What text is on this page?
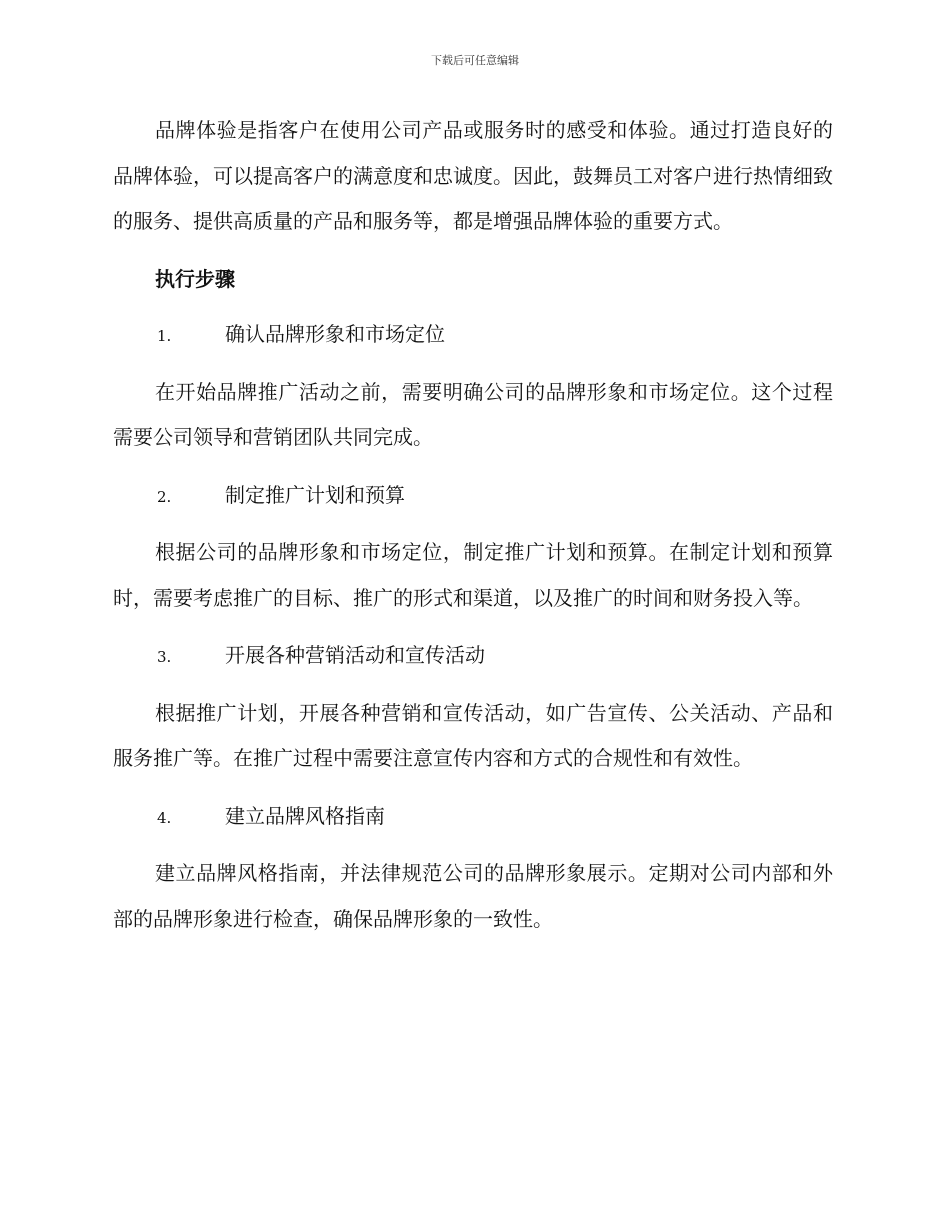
下载后可任意编辑

品牌体验是指客户在使用公司产品或服务时的感受和体验。通过打造良好的品牌体验，可以提高客户的满意度和忠诚度。因此，鼓舞员工对客户进行热情细致的服务、提供高质量的产品和服务等，都是增强品牌体验的重要方式。

执行步骤
1.	确认品牌形象和市场定位

在开始品牌推广活动之前，需要明确公司的品牌形象和市场定位。这个过程需要公司领导和营销团队共同完成。

2.	制定推广计划和预算

根据公司的品牌形象和市场定位，制定推广计划和预算。在制定计划和预算时，需要考虑推广的目标、推广的形式和渠道，以及推广的时间和财务投入等。

3.	开展各种营销活动和宣传活动

根据推广计划，开展各种营销和宣传活动，如广告宣传、公关活动、产品和服务推广等。在推广过程中需要注意宣传内容和方式的合规性和有效性。

4.	建立品牌风格指南

建立品牌风格指南，并法律规范公司的品牌形象展示。定期对公司内部和外部的品牌形象进行检查，确保品牌形象的一致性。
